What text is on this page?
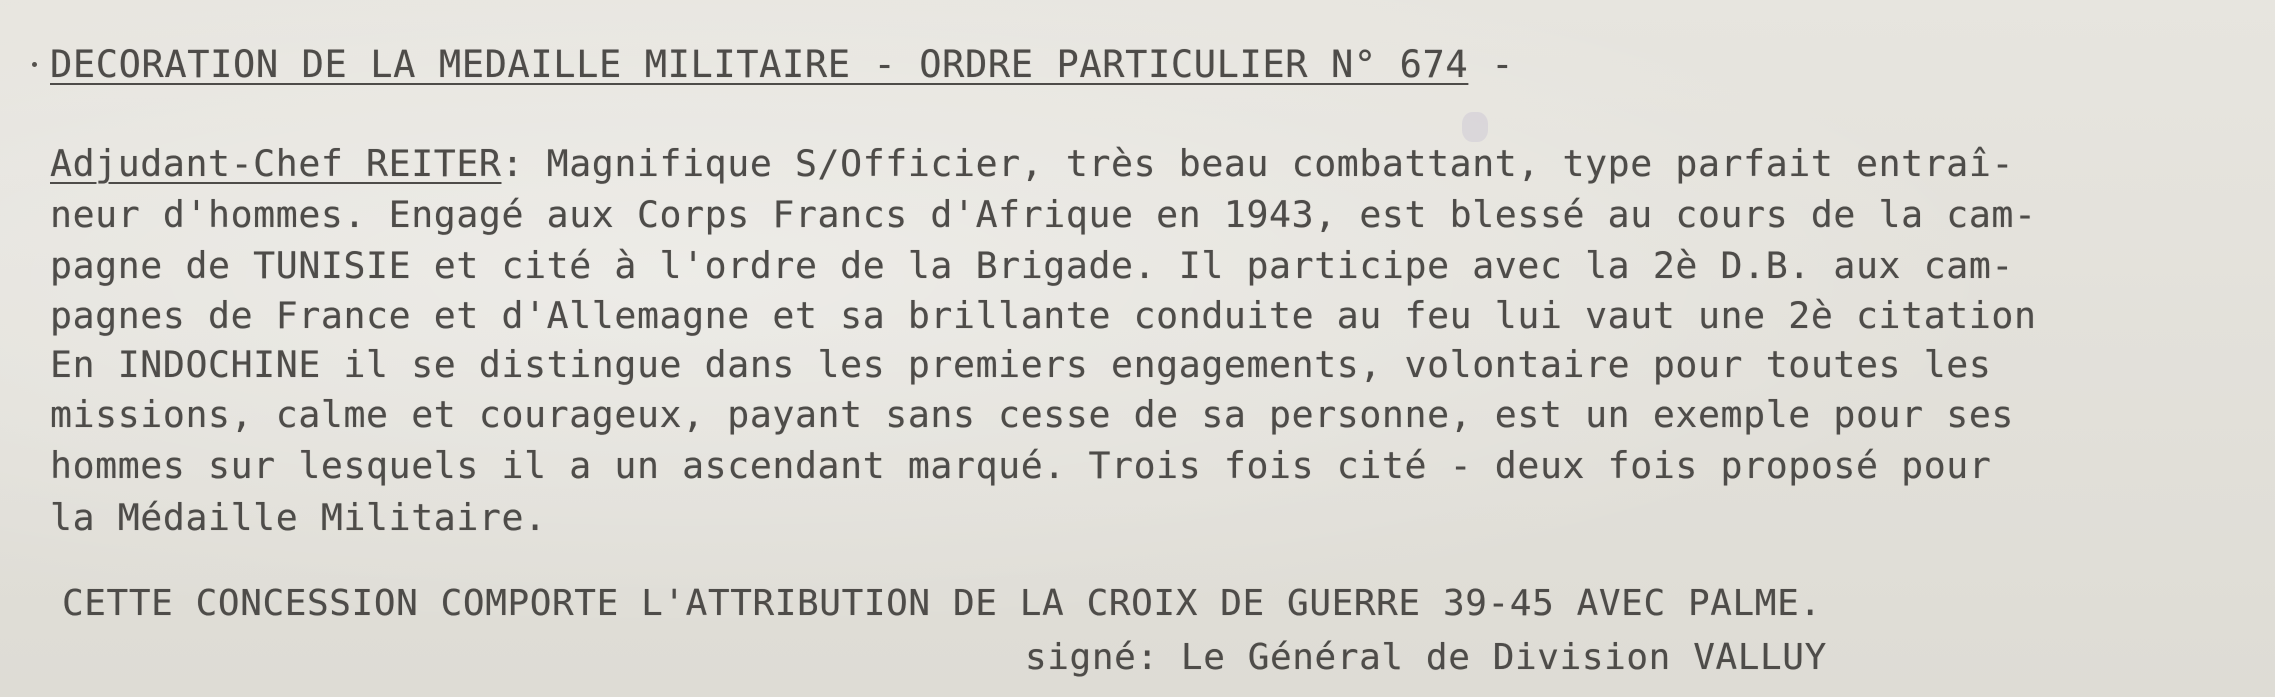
DECORATION DE LA MEDAILLE MILITAIRE - ORDRE PARTICULIER N° 674 -
Adjudant-Chef REITER: Magnifique S/Officier, très beau combattant, type parfait entraî-
neur d'hommes. Engagé aux Corps Francs d'Afrique en 1943, est blessé au cours de la cam-
pagne de TUNISIE et cité à l'ordre de la Brigade. Il participe avec la 2è D.B. aux cam-
pagnes de France et d'Allemagne et sa brillante conduite au feu lui vaut une 2è citation
En INDOCHINE il se distingue dans les premiers engagements, volontaire pour toutes les
missions, calme et courageux, payant sans cesse de sa personne, est un exemple pour ses
hommes sur lesquels il a un ascendant marqué. Trois fois cité - deux fois proposé pour
la Médaille Militaire.
CETTE CONCESSION COMPORTE L'ATTRIBUTION DE LA CROIX DE GUERRE 39-45 AVEC PALME.
signé: Le Général de Division VALLUY
